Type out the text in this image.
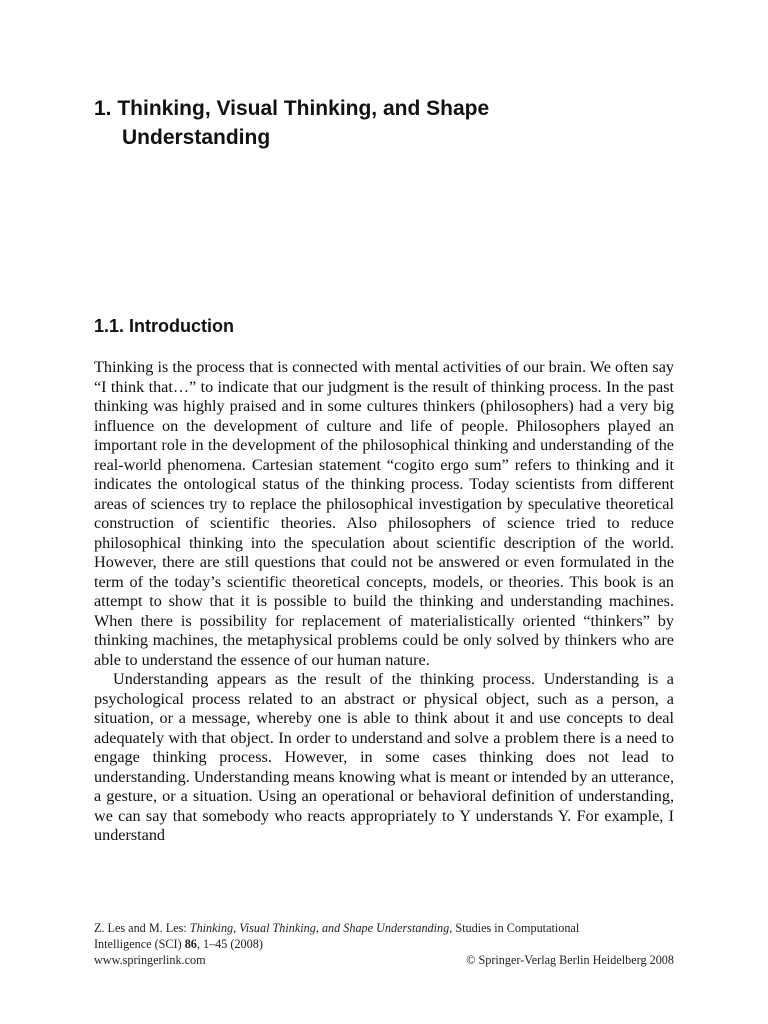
1. Thinking, Visual Thinking, and Shape
Understanding
1.1. Introduction

Thinking is the process that is connected with mental activities of our brain. We often say “I think that…” to indicate that our judgment is the result of thinking process. In the past thinking was highly praised and in some cultures thinkers (philosophers) had a very big influence on the development of culture and life of people. Philosophers played an important role in the development of the philosophical thinking and understanding of the real-world phenomena. Cartesian statement “cogito ergo sum” refers to thinking and it indicates the ontological status of the thinking process. Today scientists from different areas of sciences try to replace the philosophical investigation by speculative theoretical construction of scientific theories. Also philosophers of science tried to reduce philosophical thinking into the speculation about scientific description of the world. However, there are still questions that could not be answered or even formulated in the term of the today’s scientific theoretical concepts, models, or theories. This book is an attempt to show that it is possible to build the thinking and understanding machines. When there is possibility for replacement of materialistically oriented “thinkers” by thinking machines, the metaphysical problems could be only solved by thinkers who are able to understand the essence of our human nature.

Understanding appears as the result of the thinking process. Understanding is a psychological process related to an abstract or physical object, such as a person, a situation, or a message, whereby one is able to think about it and use concepts to deal adequately with that object. In order to understand and solve a problem there is a need to engage thinking process. However, in some cases thinking does not lead to understanding. Understanding means knowing what is meant or intended by an utterance, a gesture, or a situation. Using an operational or behavioral definition of understanding, we can say that somebody who reacts appropriately to Y understands Y. For example, I understand

Z. Les and M. Les: Thinking, Visual Thinking, and Shape Understanding, Studies in Computational
Intelligence (SCI) 86, 1–45 (2008)
www.springerlink.com	© Springer-Verlag Berlin Heidelberg 2008
